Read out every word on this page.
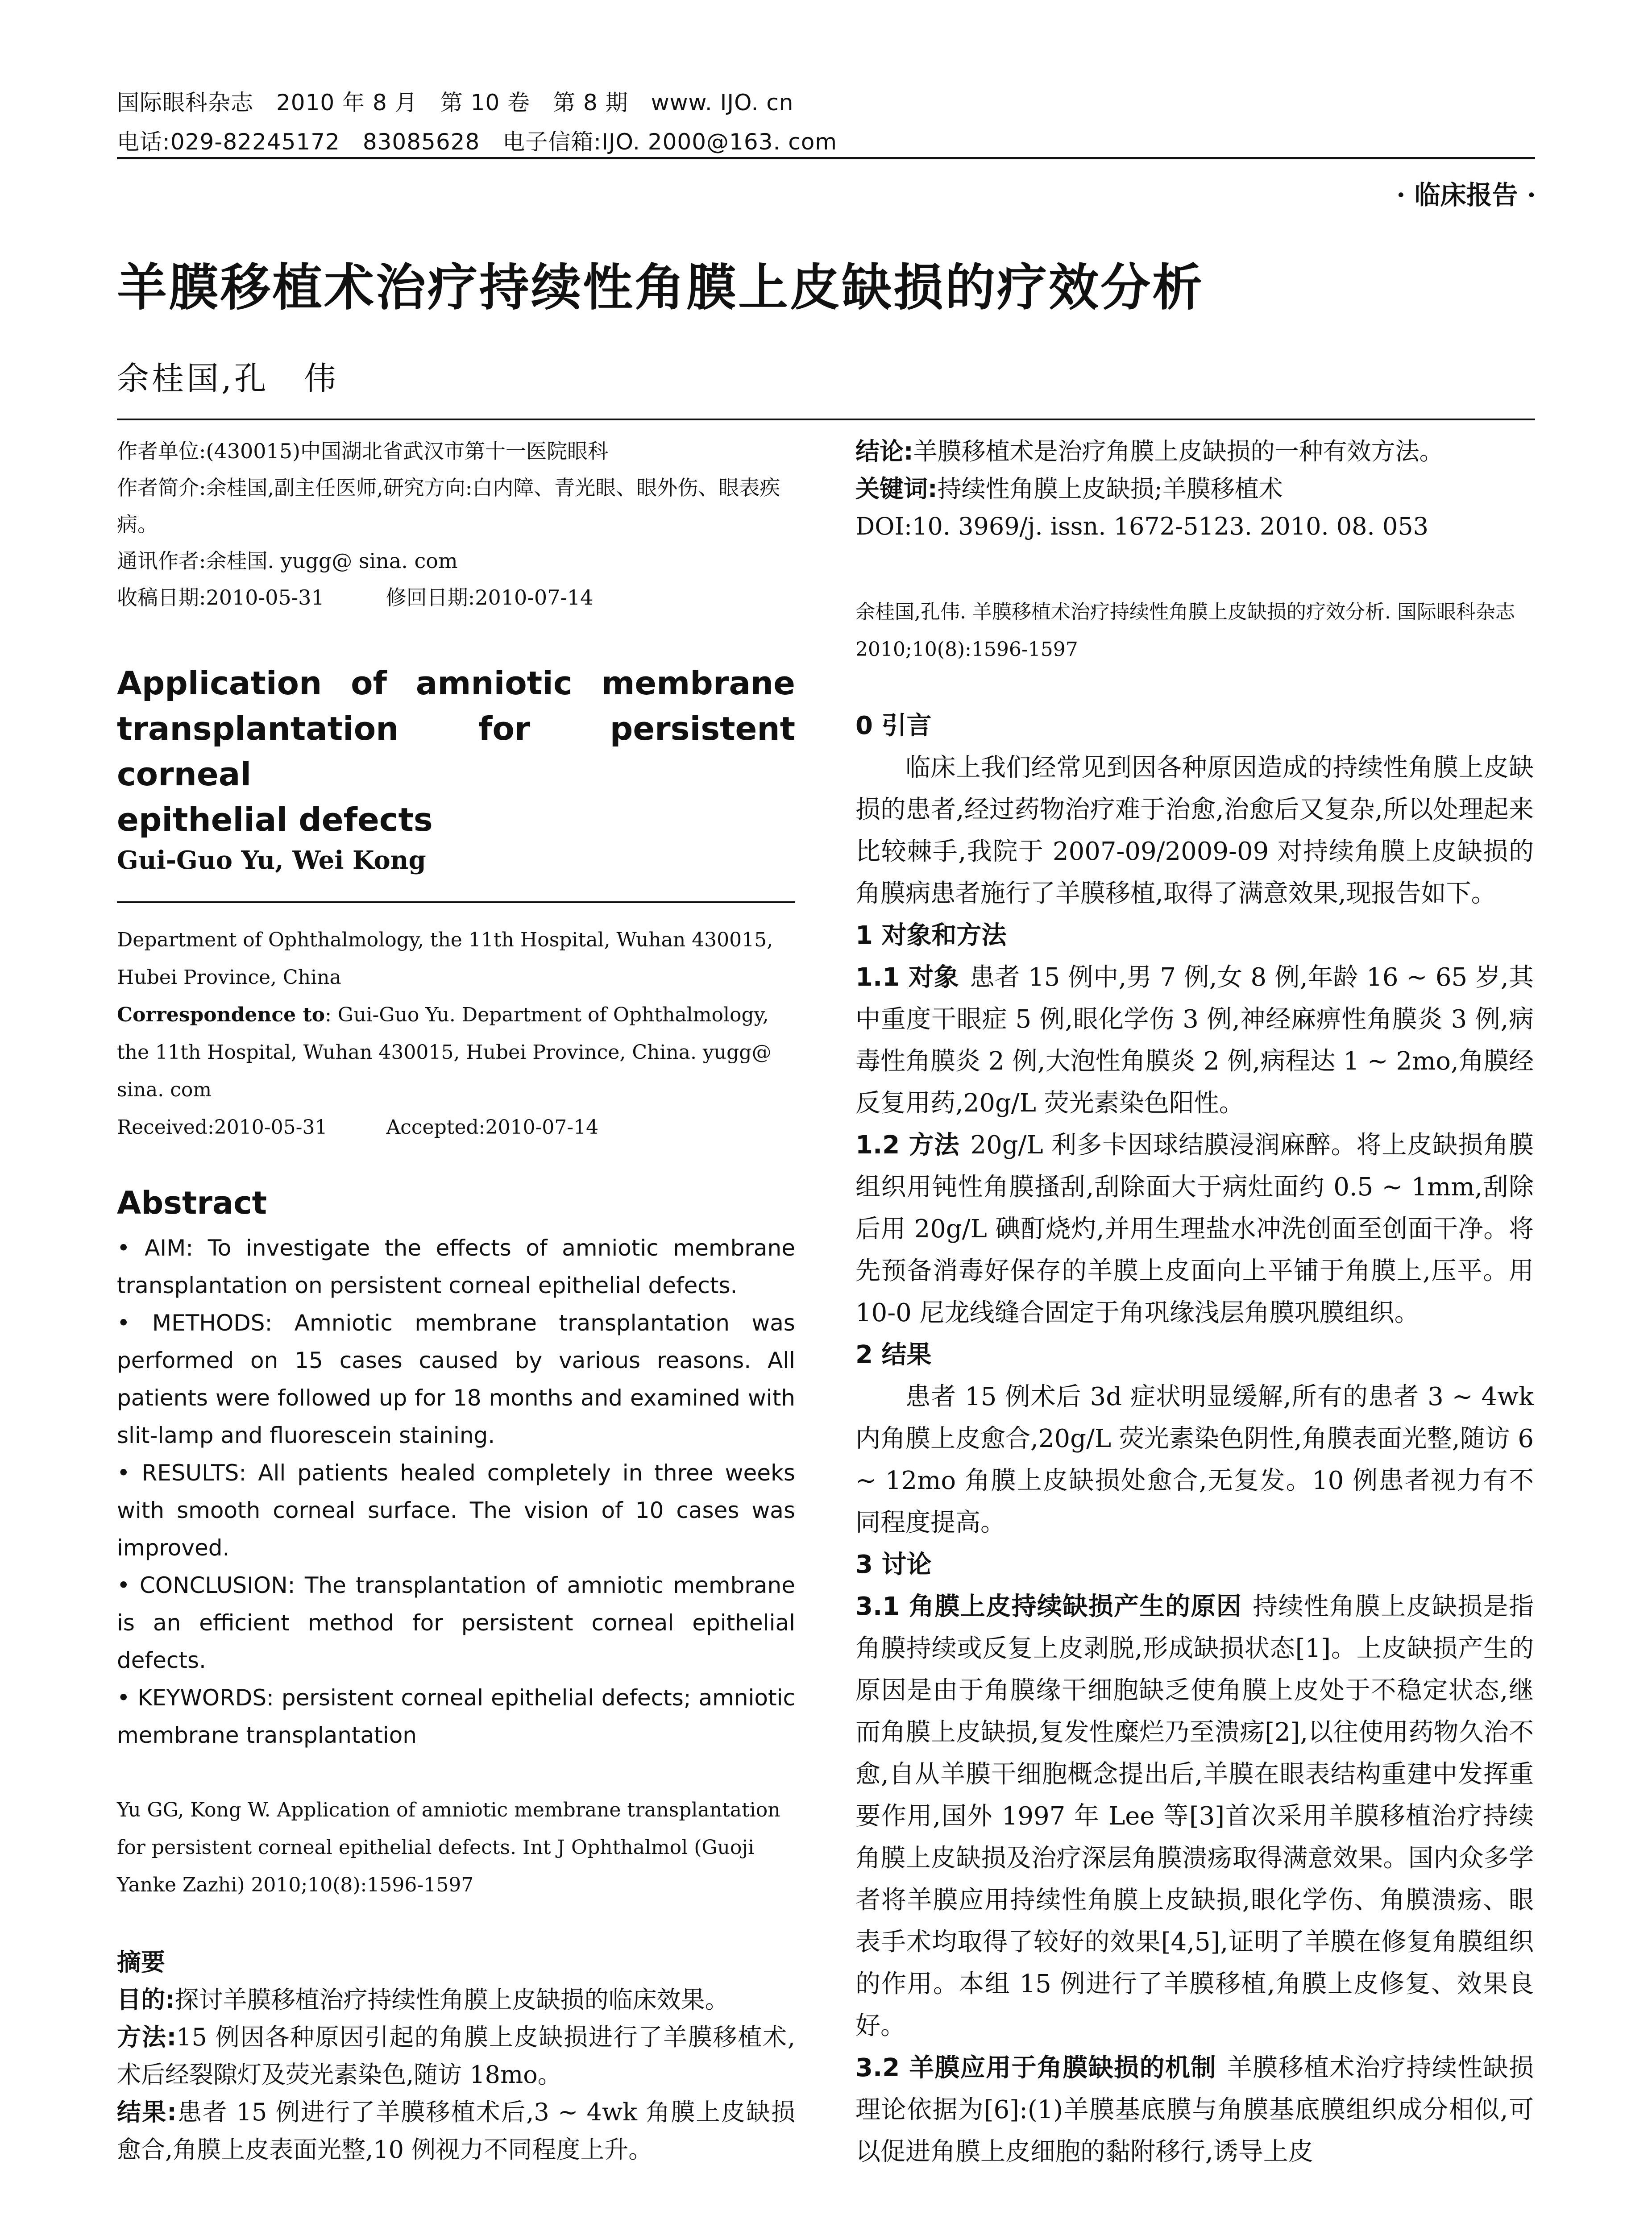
国际眼科杂志　2010 年 8 月　第 10 卷　第 8 期　www. IJO. cn
电话:029-82245172　83085628　电子信箱:IJO. 2000@163. com
· 临床报告 ·
羊膜移植术治疗持续性角膜上皮缺损的疗效分析
余桂国,孔　伟
作者单位:(430015)中国湖北省武汉市第十一医院眼科
作者简介:余桂国,副主任医师,研究方向:白内障、青光眼、眼外伤、眼表疾病。
通讯作者:余桂国. yugg@ sina. com
收稿日期:2010-05-31　　　修回日期:2010-07-14
Application of amniotic membrane
transplantation for persistent corneal
epithelial defects
Gui-Guo Yu, Wei Kong
Department of Ophthalmology, the 11th Hospital, Wuhan 430015, Hubei Province, China
Correspondence to: Gui-Guo Yu. Department of Ophthalmology, the 11th Hospital, Wuhan 430015, Hubei Province, China. yugg@ sina. com
Received:2010-05-31　　　Accepted:2010-07-14
Abstract
• AIM: To investigate the effects of amniotic membrane transplantation on persistent corneal epithelial defects.
• METHODS: Amniotic membrane transplantation was performed on 15 cases caused by various reasons. All patients were followed up for 18 months and examined with slit-lamp and fluorescein staining.
• RESULTS: All patients healed completely in three weeks with smooth corneal surface. The vision of 10 cases was improved.
• CONCLUSION: The transplantation of amniotic membrane is an efficient method for persistent corneal epithelial defects.
• KEYWORDS: persistent corneal epithelial defects; amniotic membrane transplantation
Yu GG, Kong W. Application of amniotic membrane transplantation for persistent corneal epithelial defects. Int J Ophthalmol (Guoji Yanke Zazhi) 2010;10(8):1596-1597
摘要
目的:探讨羊膜移植治疗持续性角膜上皮缺损的临床效果。
方法:15 例因各种原因引起的角膜上皮缺损进行了羊膜移植术,术后经裂隙灯及荧光素染色,随访 18mo。
结果:患者 15 例进行了羊膜移植术后,3 ~ 4wk 角膜上皮缺损愈合,角膜上皮表面光整,10 例视力不同程度上升。
结论:羊膜移植术是治疗角膜上皮缺损的一种有效方法。
关键词:持续性角膜上皮缺损;羊膜移植术
DOI:10. 3969/j. issn. 1672-5123. 2010. 08. 053
余桂国,孔伟. 羊膜移植术治疗持续性角膜上皮缺损的疗效分析. 国际眼科杂志 2010;10(8):1596-1597
0 引言
临床上我们经常见到因各种原因造成的持续性角膜上皮缺损的患者,经过药物治疗难于治愈,治愈后又复杂,所以处理起来比较棘手,我院于 2007-09/2009-09 对持续角膜上皮缺损的角膜病患者施行了羊膜移植,取得了满意效果,现报告如下。
1 对象和方法
1.1 对象 患者 15 例中,男 7 例,女 8 例,年龄 16 ~ 65 岁,其中重度干眼症 5 例,眼化学伤 3 例,神经麻痹性角膜炎 3 例,病毒性角膜炎 2 例,大泡性角膜炎 2 例,病程达 1 ~ 2mo,角膜经反复用药,20g/L 荧光素染色阳性。
1.2 方法 20g/L 利多卡因球结膜浸润麻醉。将上皮缺损角膜组织用钝性角膜搔刮,刮除面大于病灶面约 0.5 ~ 1mm,刮除后用 20g/L 碘酊烧灼,并用生理盐水冲洗创面至创面干净。将先预备消毒好保存的羊膜上皮面向上平铺于角膜上,压平。用 10-0 尼龙线缝合固定于角巩缘浅层角膜巩膜组织。
2 结果
患者 15 例术后 3d 症状明显缓解,所有的患者 3 ~ 4wk 内角膜上皮愈合,20g/L 荧光素染色阴性,角膜表面光整,随访 6 ~ 12mo 角膜上皮缺损处愈合,无复发。10 例患者视力有不同程度提高。
3 讨论
3.1 角膜上皮持续缺损产生的原因 持续性角膜上皮缺损是指角膜持续或反复上皮剥脱,形成缺损状态[1]。上皮缺损产生的原因是由于角膜缘干细胞缺乏使角膜上皮处于不稳定状态,继而角膜上皮缺损,复发性糜烂乃至溃疡[2],以往使用药物久治不愈,自从羊膜干细胞概念提出后,羊膜在眼表结构重建中发挥重要作用,国外 1997 年 Lee 等[3]首次采用羊膜移植治疗持续角膜上皮缺损及治疗深层角膜溃疡取得满意效果。国内众多学者将羊膜应用持续性角膜上皮缺损,眼化学伤、角膜溃疡、眼表手术均取得了较好的效果[4,5],证明了羊膜在修复角膜组织的作用。本组 15 例进行了羊膜移植,角膜上皮修复、效果良好。
3.2 羊膜应用于角膜缺损的机制 羊膜移植术治疗持续性缺损理论依据为[6]:(1)羊膜基底膜与角膜基底膜组织成分相似,可以促进角膜上皮细胞的黏附移行,诱导上皮
